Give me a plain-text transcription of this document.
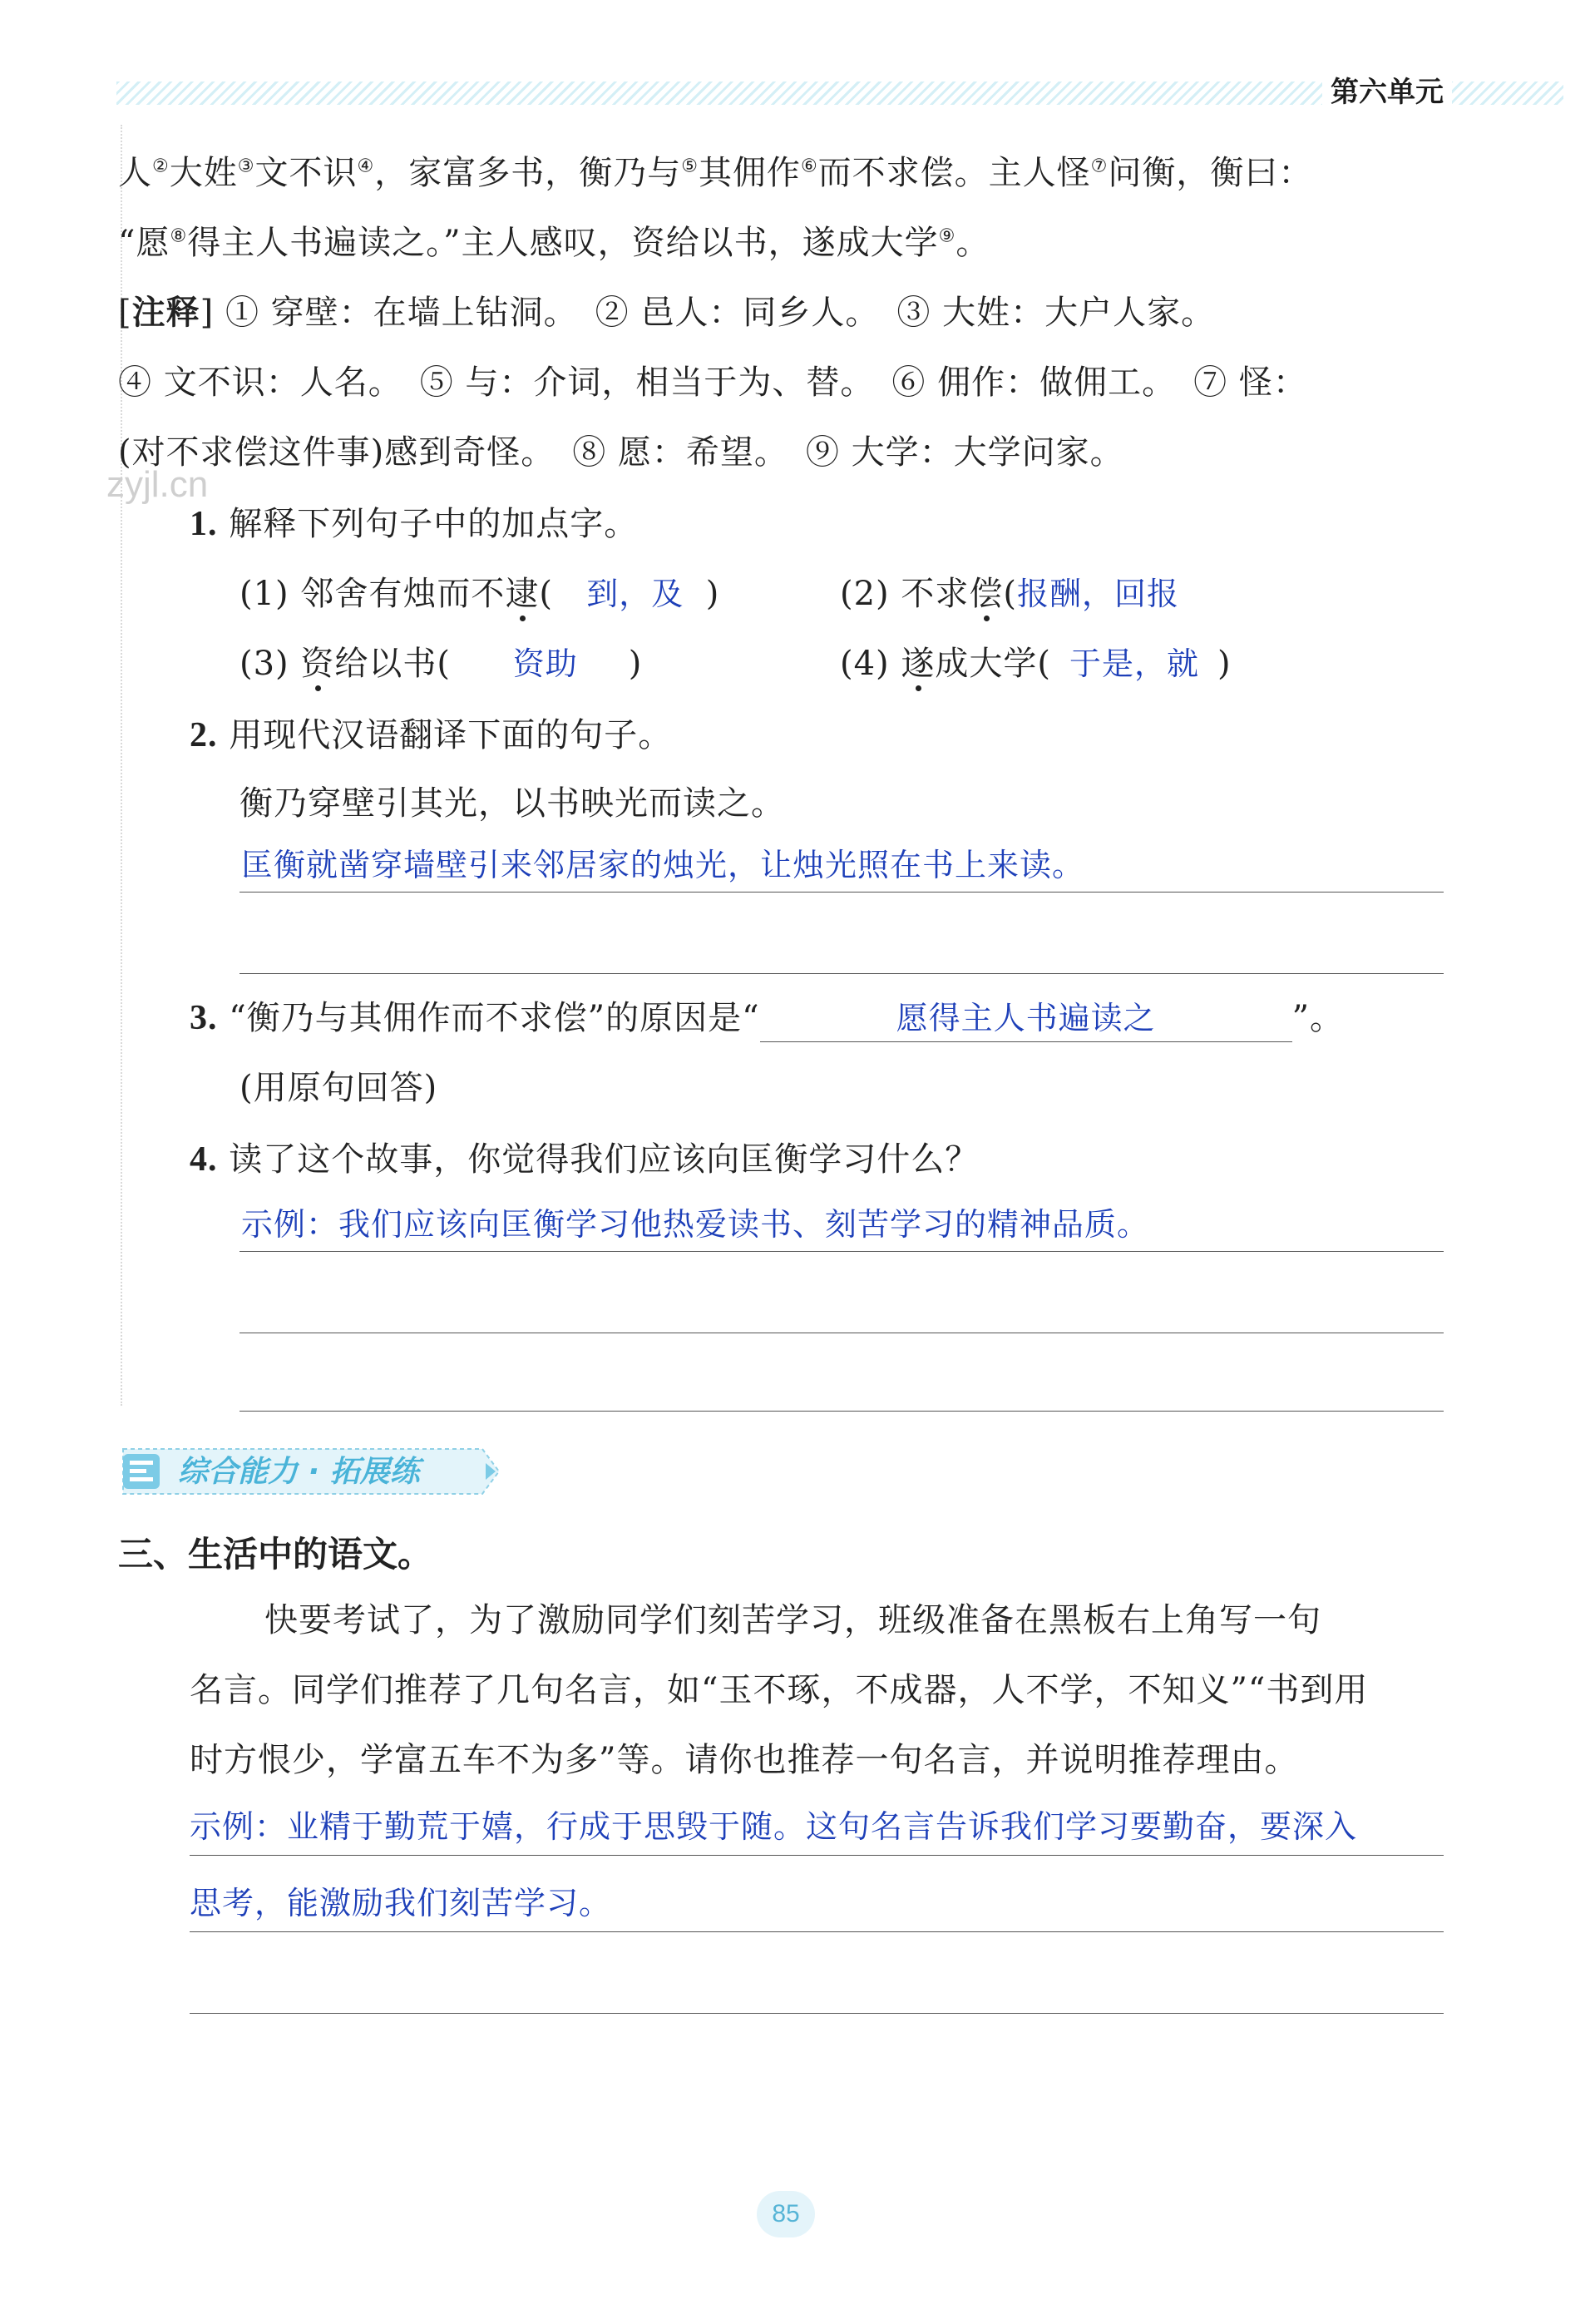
第六单元
zyjl.cn
人②大姓③文不识④，家富多书，衡乃与⑤其佣作⑥而不求偿。主人怪⑦问衡，衡曰：
“愿⑧得主人书遍读之。”主人感叹，资给以书，遂成大学⑨。
[注释] ① 穿壁：在墙上钻洞。　② 邑人：同乡人。　③ 大姓：大户人家。
④ 文不识：人名。　⑤ 与：介词，相当于为、替。　⑥ 佣作：做佣工。　⑦ 怪：
(对不求偿这件事)感到奇怪。　⑧ 愿：希望。　⑨ 大学：大学问家。
1. 解释下列句子中的加点字。
(1) 邻舍有烛而不逮( 到，及 )	(2) 不求偿(报酬，回报
(3) 资给以书( 资助 )	(4) 遂成大学( 于是，就 )
2. 用现代汉语翻译下面的句子。
衡乃穿壁引其光，以书映光而读之。
匡衡就凿穿墙壁引来邻居家的烛光，让烛光照在书上来读。
3. “衡乃与其佣作而不求偿”的原因是“	愿得主人书遍读之	”。
(用原句回答)
4. 读了这个故事，你觉得我们应该向匡衡学习什么？
示例：我们应该向匡衡学习他热爱读书、刻苦学习的精神品质。
综合能力 · 拓展练
三、生活中的语文。
快要考试了，为了激励同学们刻苦学习，班级准备在黑板右上角写一句
名言。同学们推荐了几句名言，如“玉不琢，不成器，人不学，不知义”“书到用
时方恨少，学富五车不为多”等。请你也推荐一句名言，并说明推荐理由。
示例：业精于勤荒于嬉，行成于思毁于随。这句名言告诉我们学习要勤奋，要深入
思考，能激励我们刻苦学习。
85
